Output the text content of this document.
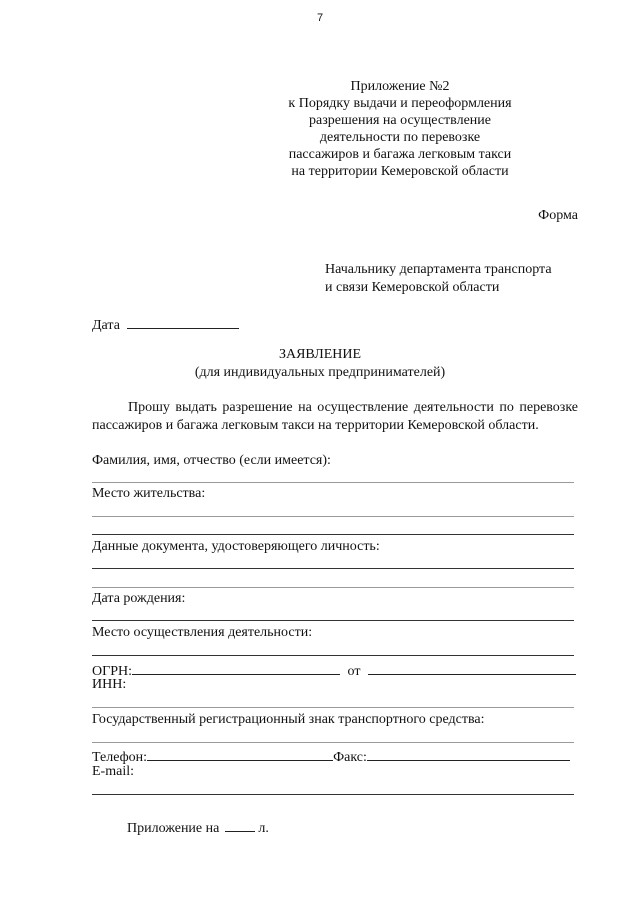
7
Приложение №2
к Порядку выдачи и переоформления
разрешения на осуществление
деятельности по перевозке
пассажиров и багажа легковым такси
на территории Кемеровской области
Форма
Начальнику департамента транспорта
и связи Кемеровской области
Дата
ЗАЯВЛЕНИЕ
(для индивидуальных предпринимателей)
Прошу выдать разрешение на осуществление деятельности по перевозке пассажиров и багажа легковым такси на территории Кемеровской области.
Фамилия, имя, отчество (если имеется):
Место жительства:
Данные документа, удостоверяющего личность:
Дата рождения:
Место осуществления деятельности:
ОГРН:	от
ИНН:
Государственный регистрационный знак транспортного средства:
Телефон:	Факс:
E-mail:
Приложение на	л.
